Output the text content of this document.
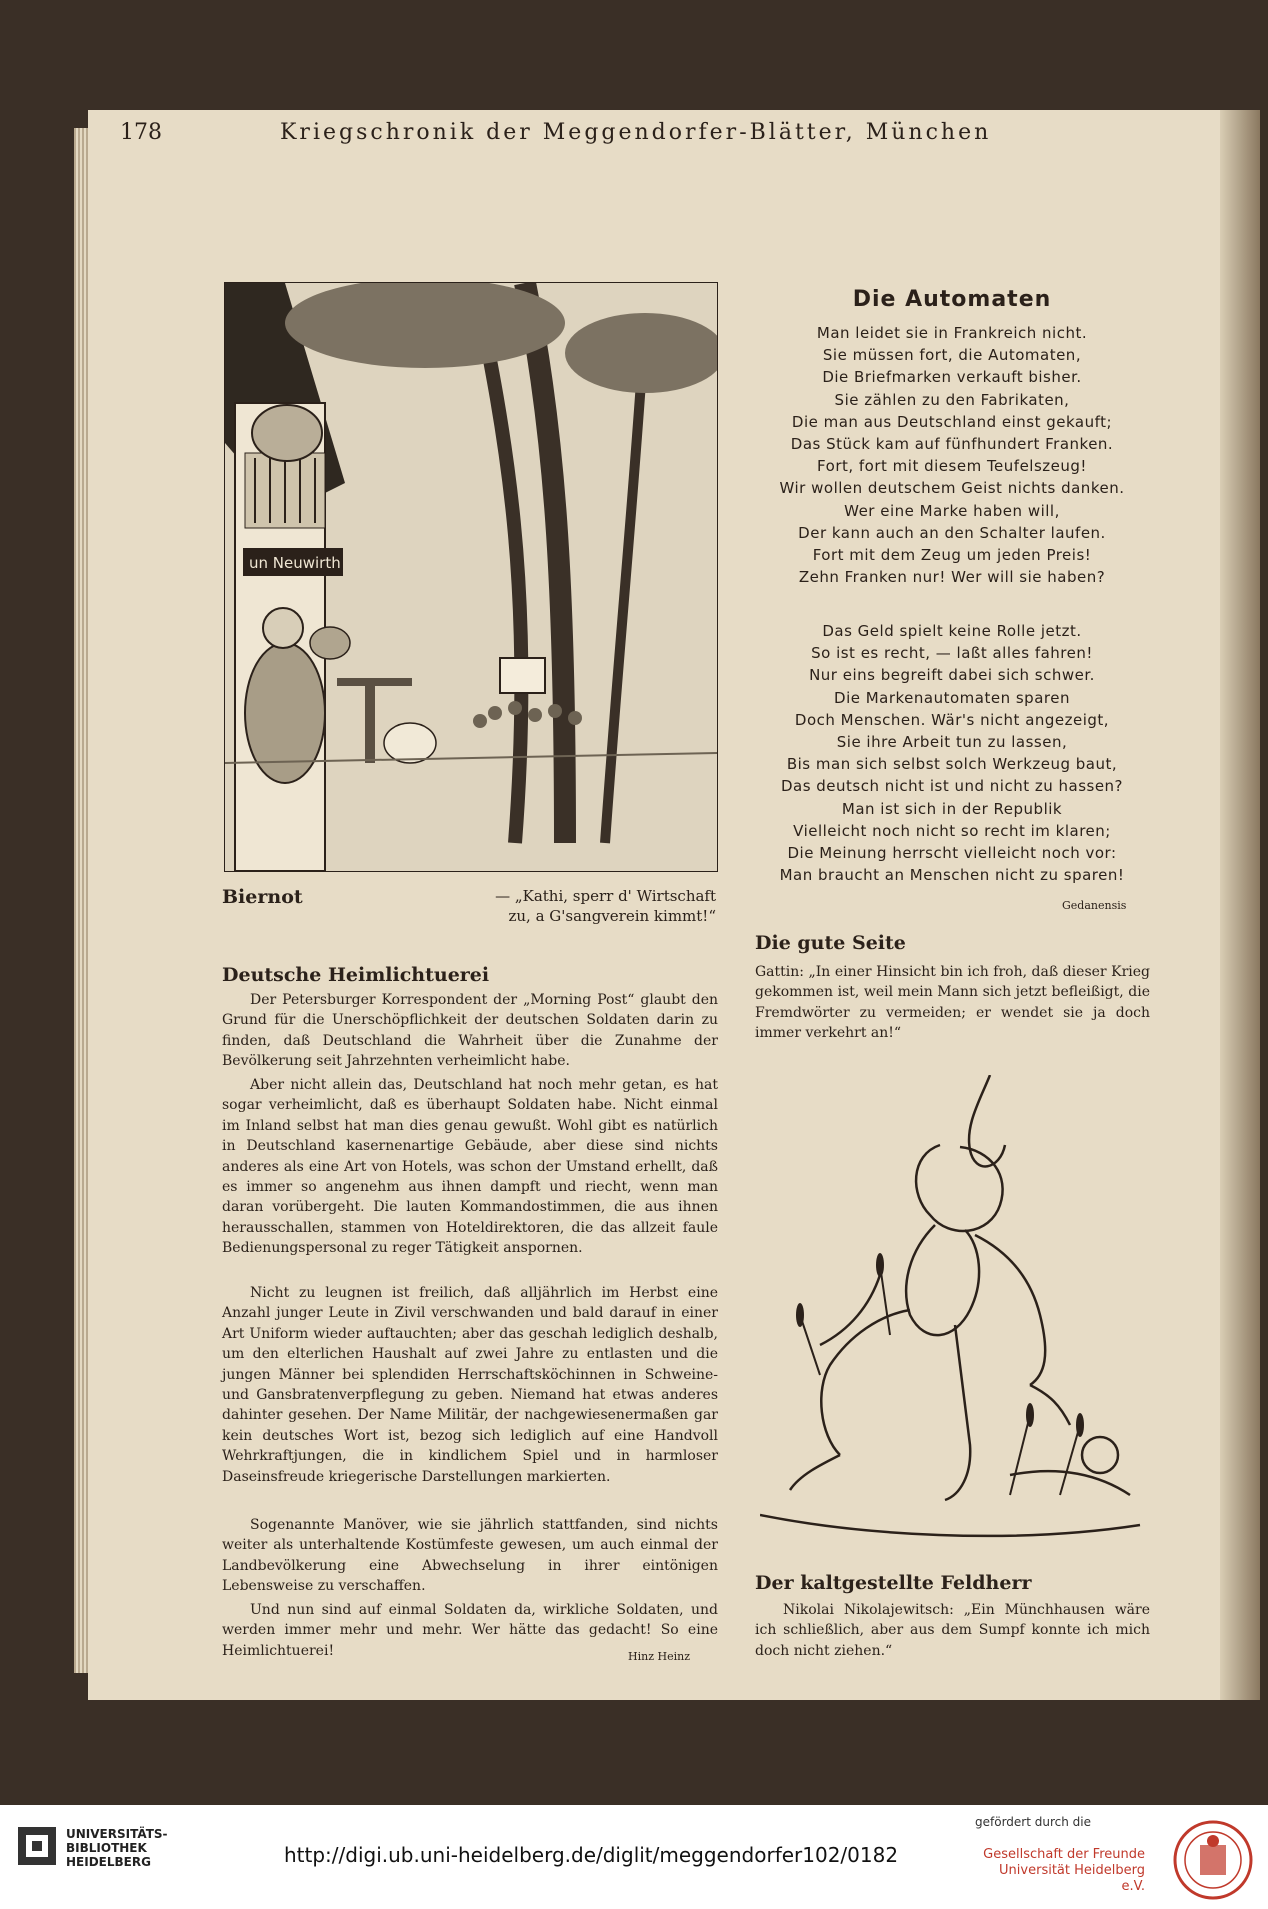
178	Kriegschronik der Meggendorfer-Blätter, München
un Neuwirth
Biernot	— „Kathi, sperr d' Wirtschaft zu, a G'sangverein kimmt!“
Deutsche Heimlichtuerei

Der Petersburger Korrespondent der „Morning Post“ glaubt den Grund für die Unerschöpflichkeit der deutschen Soldaten darin zu finden, daß Deutschland die Wahrheit über die Zunahme der Bevölkerung seit Jahrzehnten verheimlicht habe.

Aber nicht allein das, Deutschland hat noch mehr getan, es hat sogar verheimlicht, daß es überhaupt Soldaten habe. Nicht einmal im Inland selbst hat man dies genau gewußt. Wohl gibt es natürlich in Deutschland kasernenartige Gebäude, aber diese sind nichts anderes als eine Art von Hotels, was schon der Umstand erhellt, daß es immer so angenehm aus ihnen dampft und riecht, wenn man daran vorübergeht. Die lauten Kommandostimmen, die aus ihnen herausschallen, stammen von Hoteldirektoren, die das allzeit faule Bedienungspersonal zu reger Tätigkeit anspornen.

Nicht zu leugnen ist freilich, daß alljährlich im Herbst eine Anzahl junger Leute in Zivil verschwanden und bald darauf in einer Art Uniform wieder auftauchten; aber das geschah lediglich deshalb, um den elterlichen Haushalt auf zwei Jahre zu entlasten und die jungen Männer bei splendiden Herrschaftsköchinnen in Schweine- und Gansbratenverpflegung zu geben. Niemand hat etwas anderes dahinter gesehen. Der Name Militär, der nachgewiesenermaßen gar kein deutsches Wort ist, bezog sich lediglich auf eine Handvoll Wehrkraftjungen, die in kindlichem Spiel und in harmloser Daseinsfreude kriegerische Darstellungen markierten.

Sogenannte Manöver, wie sie jährlich stattfanden, sind nichts weiter als unterhaltende Kostümfeste gewesen, um auch einmal der Landbevölkerung eine Abwechselung in ihrer eintönigen Lebensweise zu verschaffen.

Und nun sind auf einmal Soldaten da, wirkliche Soldaten, und werden immer mehr und mehr. Wer hätte das gedacht! So eine Heimlichtuerei!	Hinz Heinz
Die Automaten
Man leidet sie in Frankreich nicht.
Sie müssen fort, die Automaten,
Die Briefmarken verkauft bisher.
Sie zählen zu den Fabrikaten,
Die man aus Deutschland einst gekauft;
Das Stück kam auf fünfhundert Franken.
Fort, fort mit diesem Teufelszeug!
Wir wollen deutschem Geist nichts danken.
Wer eine Marke haben will,
Der kann auch an den Schalter laufen.
Fort mit dem Zeug um jeden Preis!
Zehn Franken nur! Wer will sie haben?
Das Geld spielt keine Rolle jetzt.
So ist es recht, — laßt alles fahren!
Nur eins begreift dabei sich schwer.
Die Markenautomaten sparen
Doch Menschen. Wär's nicht angezeigt,
Sie ihre Arbeit tun zu lassen,
Bis man sich selbst solch Werkzeug baut,
Das deutsch nicht ist und nicht zu hassen?
Man ist sich in der Republik
Vielleicht noch nicht so recht im klaren;
Die Meinung herrscht vielleicht noch vor:
Man braucht an Menschen nicht zu sparen!
Gedanensis
Die gute Seite

Gattin: „In einer Hinsicht bin ich froh, daß dieser Krieg gekommen ist, weil mein Mann sich jetzt befleißigt, die Fremdwörter zu vermeiden; er wendet sie ja doch immer verkehrt an!“

Der kaltgestellte Feldherr

Nikolai Nikolajewitsch: „Ein Münchhausen wäre ich schließlich, aber aus dem Sumpf konnte ich mich doch nicht ziehen.“

UNIVERSITÄTS-
BIBLIOTHEK
HEIDELBERG	http://digi.ub.uni-heidelberg.de/diglit/meggendorfer102/0182
gefördert durch die
Gesellschaft der Freunde
Universität Heidelberg e.V.
